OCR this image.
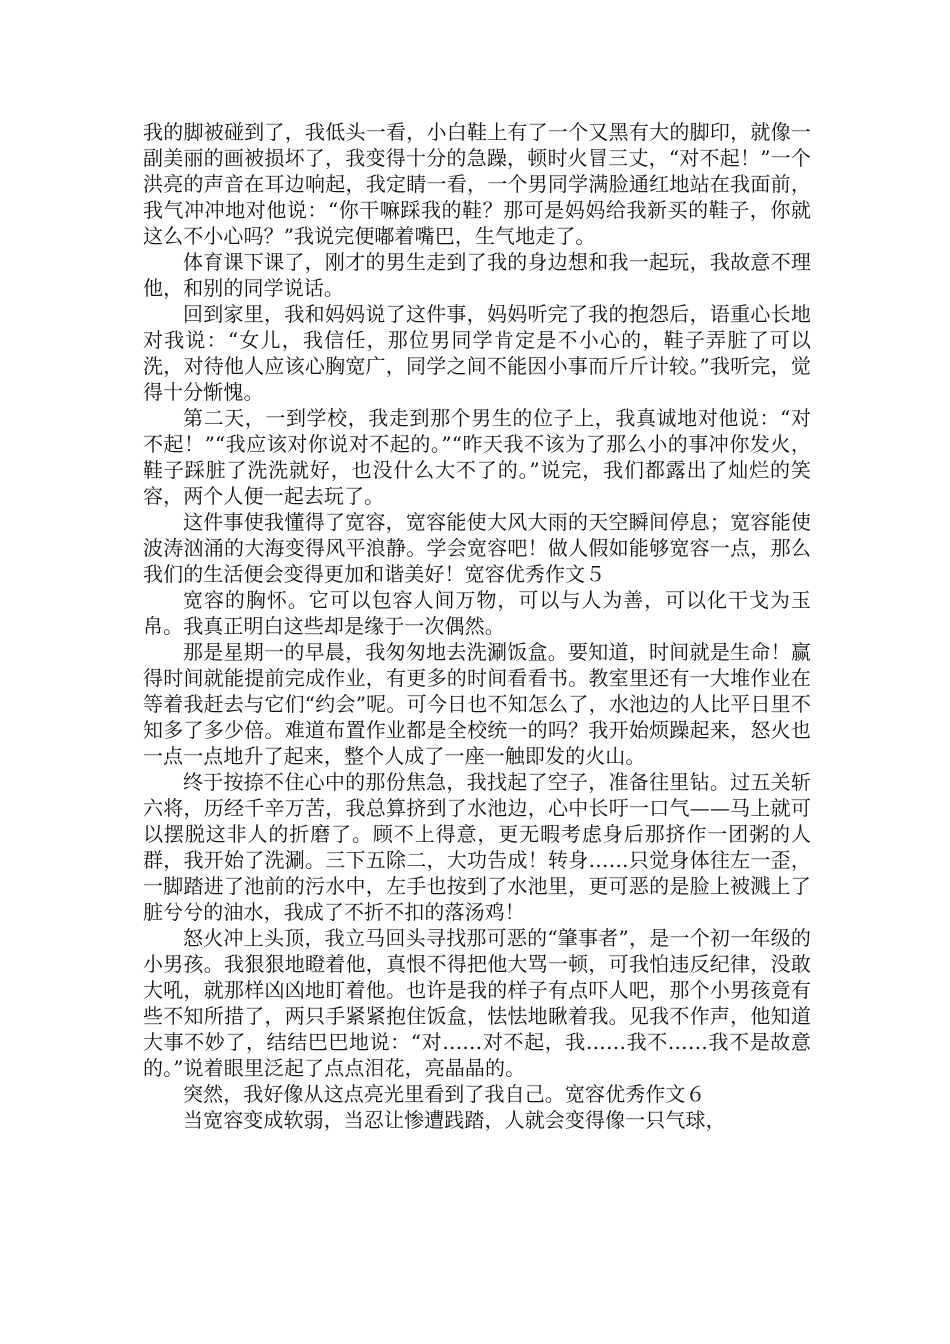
我的脚被碰到了，我低头一看，小白鞋上有了一个又黑有大的脚印，就像一副美丽的画被损坏了，我变得十分的急躁，顿时火冒三丈，“对不起！”一个洪亮的声音在耳边响起，我定睛一看，一个男同学满脸通红地站在我面前，我气冲冲地对他说：“你干嘛踩我的鞋？那可是妈妈给我新买的鞋子，你就这么不小心吗？”我说完便嘟着嘴巴，生气地走了。

体育课下课了，刚才的男生走到了我的身边想和我一起玩，我故意不理他，和别的同学说话。

回到家里，我和妈妈说了这件事，妈妈听完了我的抱怨后，语重心长地对我说：“女儿，我信任，那位男同学肯定是不小心的，鞋子弄脏了可以洗，对待他人应该心胸宽广，同学之间不能因小事而斤斤计较。”我听完，觉得十分惭愧。

第二天，一到学校，我走到那个男生的位子上，我真诚地对他说：“对不起！”“我应该对你说对不起的。”“昨天我不该为了那么小的事冲你发火，鞋子踩脏了洗洗就好，也没什么大不了的。”说完，我们都露出了灿烂的笑容，两个人便一起去玩了。

这件事使我懂得了宽容，宽容能使大风大雨的天空瞬间停息；宽容能使波涛汹涌的大海变得风平浪静。学会宽容吧！做人假如能够宽容一点，那么我们的生活便会变得更加和谐美好！宽容优秀作文５

宽容的胸怀。它可以包容人间万物，可以与人为善，可以化干戈为玉帛。我真正明白这些却是缘于一次偶然。

那是星期一的早晨，我匆匆地去洗涮饭盒。要知道，时间就是生命！赢得时间就能提前完成作业，有更多的时间看看书。教室里还有一大堆作业在等着我赶去与它们“约会”呢。可今日也不知怎么了，水池边的人比平日里不知多了多少倍。难道布置作业都是全校统一的吗？我开始烦躁起来，怒火也一点一点地升了起来，整个人成了一座一触即发的火山。

终于按捺不住心中的那份焦急，我找起了空子，准备往里钻。过五关斩六将，历经千辛万苦，我总算挤到了水池边，心中长吁一口气——马上就可以摆脱这非人的折磨了。顾不上得意，更无暇考虑身后那挤作一团粥的人群，我开始了洗涮。三下五除二，大功告成！转身……只觉身体往左一歪，一脚踏进了池前的污水中，左手也按到了水池里，更可恶的是脸上被溅上了脏兮兮的油水，我成了不折不扣的落汤鸡！

怒火冲上头顶，我立马回头寻找那可恶的“肇事者”，是一个初一年级的小男孩。我狠狠地瞪着他，真恨不得把他大骂一顿，可我怕违反纪律，没敢大吼，就那样凶凶地盯着他。也许是我的样子有点吓人吧，那个小男孩竟有些不知所措了，两只手紧紧抱住饭盒，怯怯地瞅着我。见我不作声，他知道大事不妙了，结结巴巴地说：“对……对不起，我……我不……我不是故意的。”说着眼里泛起了点点泪花，亮晶晶的。

突然，我好像从这点亮光里看到了我自己。宽容优秀作文６

当宽容变成软弱，当忍让惨遭践踏，人就会变得像一只气球，
